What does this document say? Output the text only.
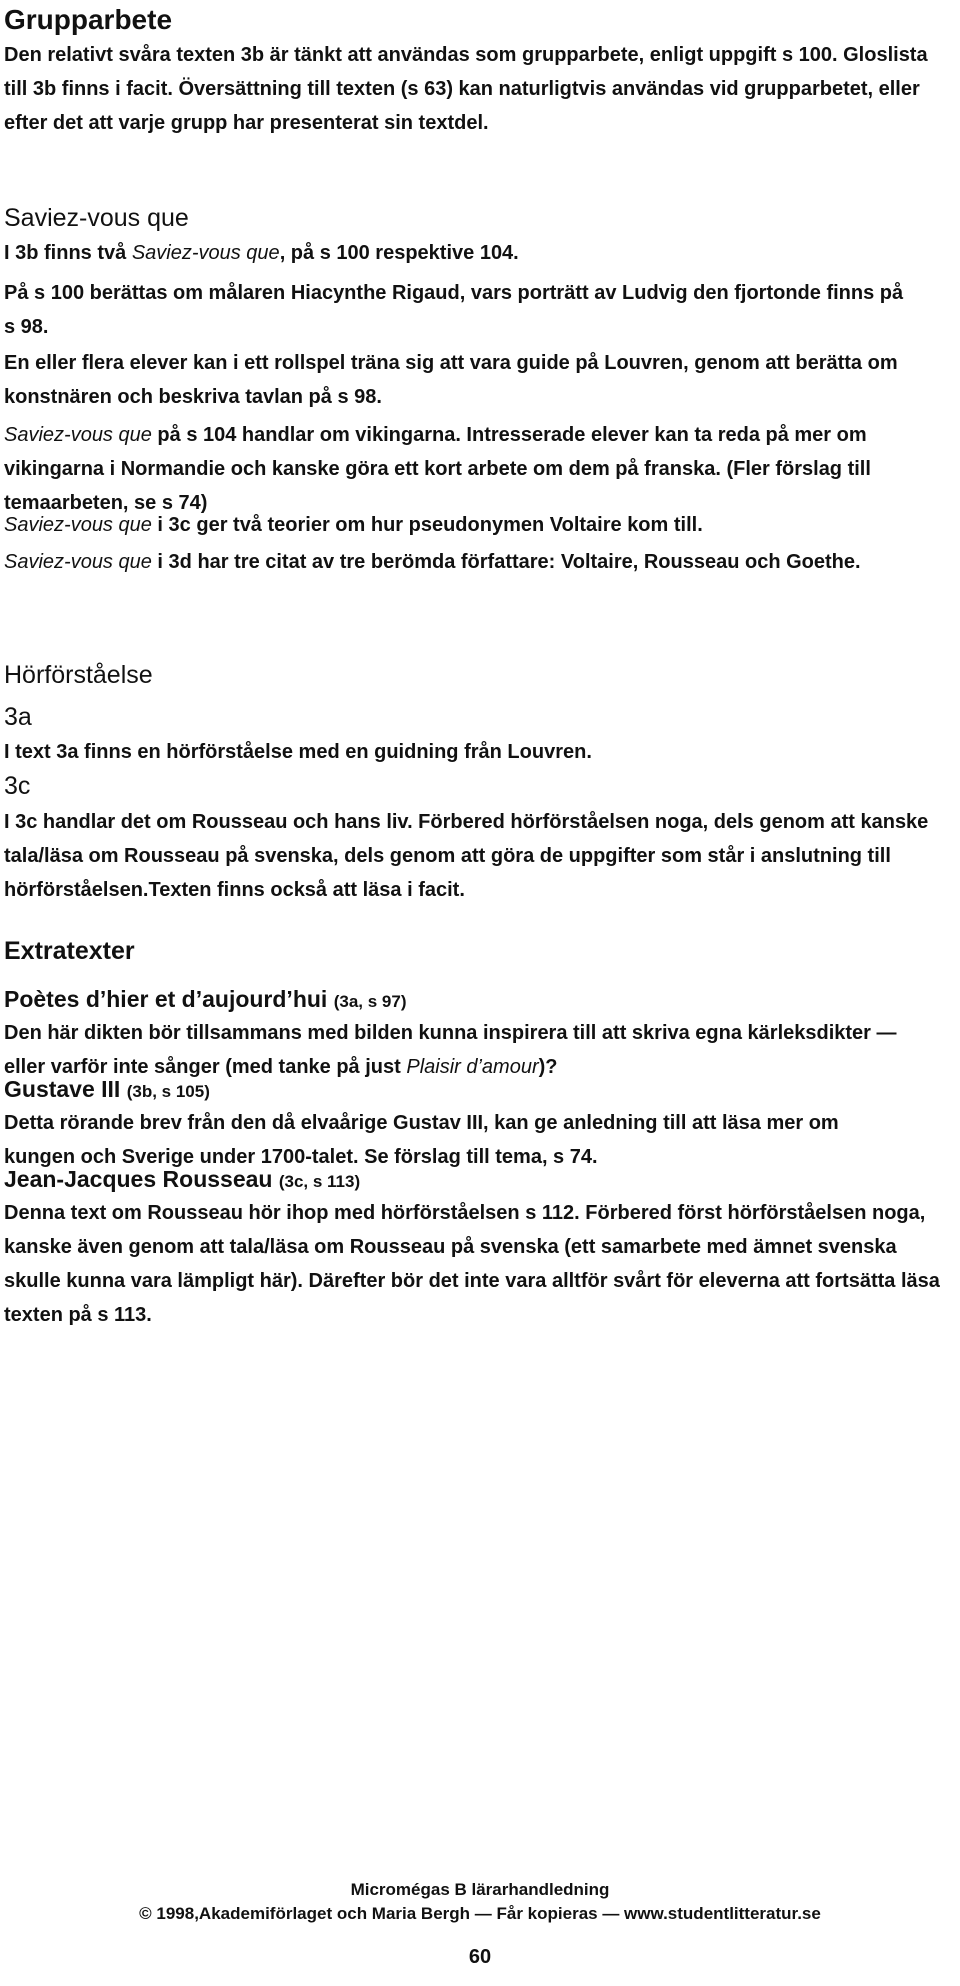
Grupparbete

Den relativt svåra texten 3b är tänkt att användas som grupparbete, enligt uppgift s 100. Gloslista till 3b finns i facit. Översättning till texten (s 63) kan naturligtvis användas vid grupparbetet, eller efter det att varje grupp har presenterat sin textdel.

Saviez-vous que

I 3b finns två Saviez-vous que, på s 100 respektive 104.

På s 100 berättas om målaren Hiacynthe Rigaud, vars porträtt av Ludvig den fjortonde finns på s 98.

En eller flera elever kan i ett rollspel träna sig att vara guide på Louvren, genom att berätta om konstnären och beskriva tavlan på s 98.

Saviez-vous que på s 104 handlar om vikingarna. Intresserade elever kan ta reda på mer om vikingarna i Normandie och kanske göra ett kort arbete om dem på franska. (Fler förslag till temaarbeten, se s 74)

Saviez-vous que i 3c ger två teorier om hur pseudonymen Voltaire kom till.

Saviez-vous que i 3d har tre citat av tre berömda författare: Voltaire, Rousseau och Goethe.

Hörförståelse
3a

I text 3a finns en hörförståelse med en guidning från Louvren.

3c

I 3c handlar det om Rousseau och hans liv. Förbered hörförståelsen noga, dels genom att kanske tala/läsa om Rousseau på svenska, dels genom att göra de uppgifter som står i anslutning till hörförståelsen.Texten finns också att läsa i facit.

Extratexter
Poètes d’hier et d’aujourd’hui (3a, s 97)

Den här dikten bör tillsammans med bilden kunna inspirera till att skriva egna kärleksdikter — eller varför inte sånger (med tanke på just Plaisir d’amour)?

Gustave III (3b, s 105)

Detta rörande brev från den då elvaårige Gustav III, kan ge anledning till att läsa mer om kungen och Sverige under 1700-talet. Se förslag till tema, s 74.

Jean-Jacques Rousseau (3c, s 113)

Denna text om Rousseau hör ihop med hörförståelsen s 112. Förbered först hörförståelsen noga, kanske även genom att tala/läsa om Rousseau på svenska (ett samarbete med ämnet svenska skulle kunna vara lämpligt här). Därefter bör det inte vara alltför svårt för eleverna att fortsätta läsa texten på s 113.

Micromégas B lärarhandledning
© 1998,Akademiförlaget och Maria Bergh — Får kopieras — www.studentlitteratur.se
60
